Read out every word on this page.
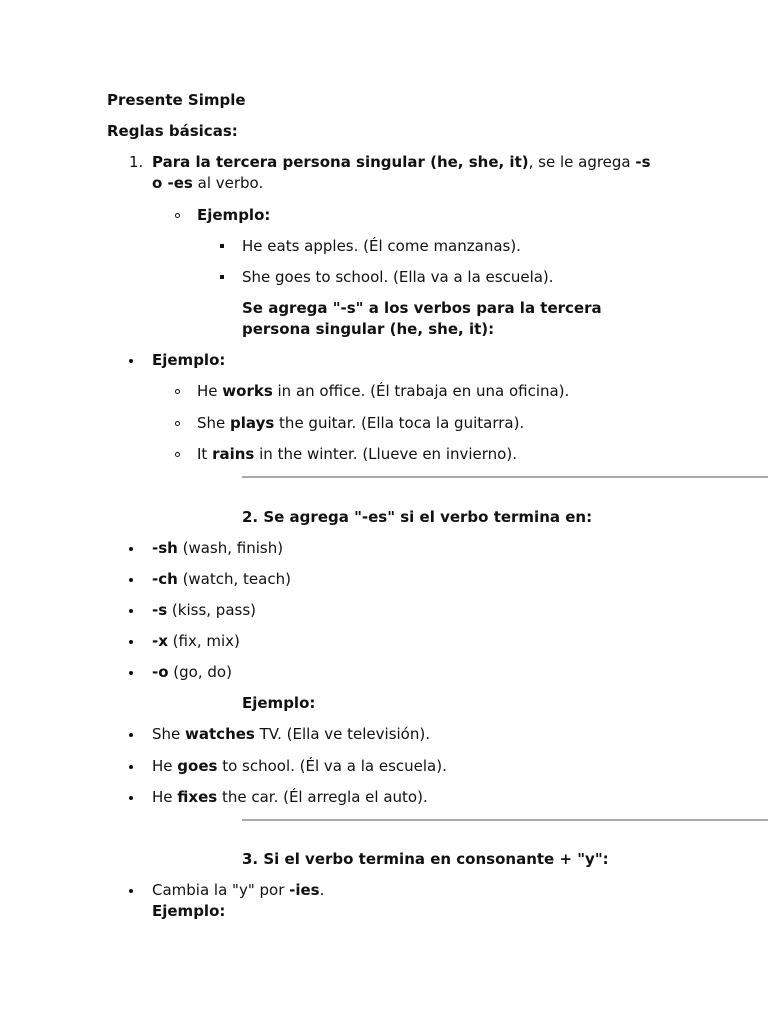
Presente Simple
Reglas básicas:
1. Para la tercera persona singular (he, she, it), se le agrega -s
o -es al verbo.
Ejemplo:
He eats apples. (Él come manzanas).
She goes to school. (Ella va a la escuela).
Se agrega "-s" a los verbos para la tercera
persona singular (he, she, it):
Ejemplo:
He works in an office. (Él trabaja en una oficina).
She plays the guitar. (Ella toca la guitarra).
It rains in the winter. (Llueve en invierno).
2. Se agrega "-es" si el verbo termina en:
-sh (wash, finish)
-ch (watch, teach)
-s (kiss, pass)
-x (fix, mix)
-o (go, do)
Ejemplo:
She watches TV. (Ella ve televisión).
He goes to school. (Él va a la escuela).
He fixes the car. (Él arregla el auto).
3. Si el verbo termina en consonante + "y":
Cambia la "y" por -ies.
Ejemplo:
